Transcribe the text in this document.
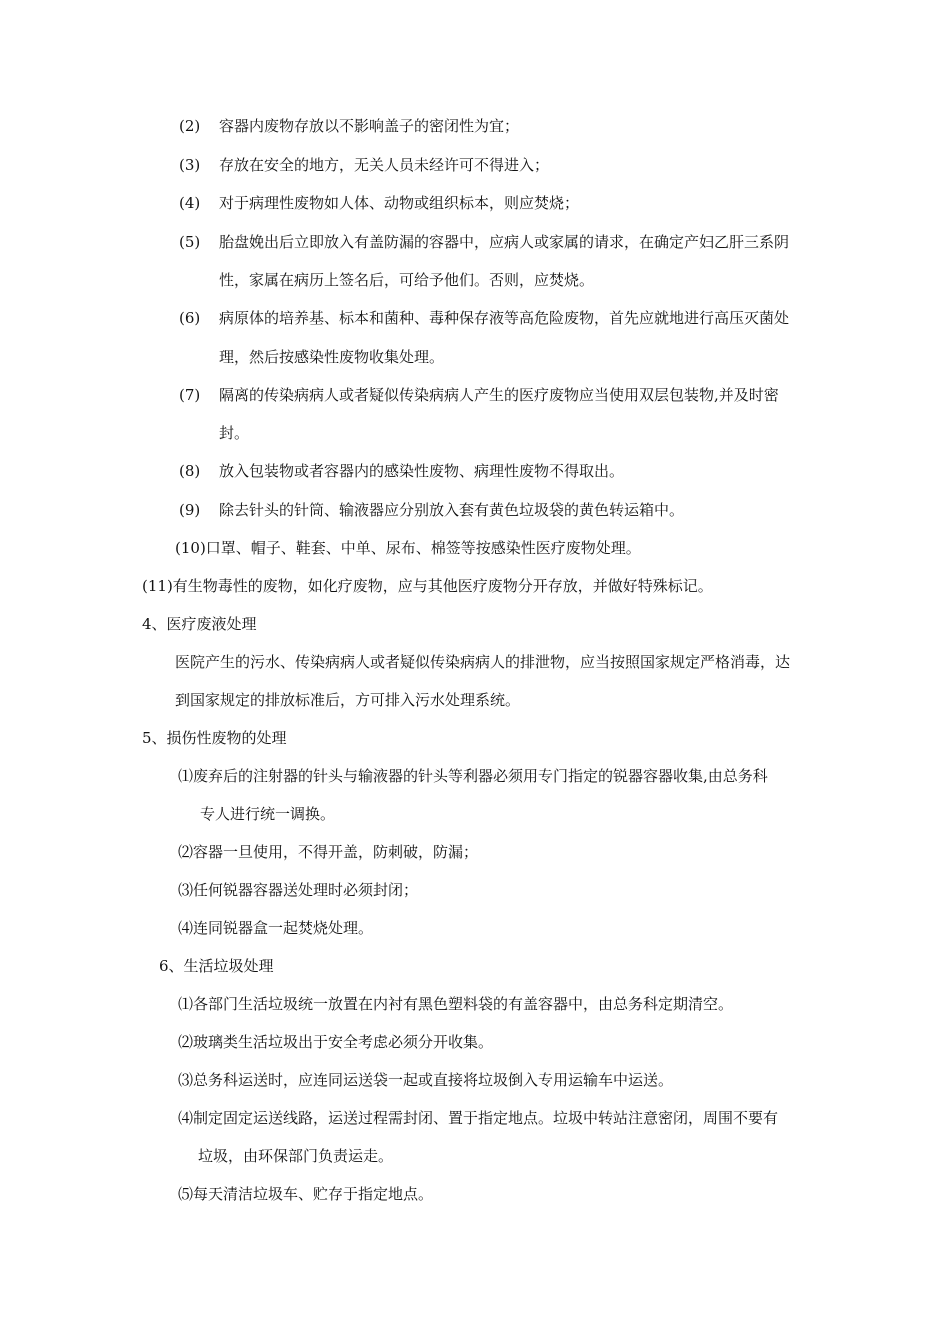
(2) 容器内废物存放以不影响盖子的密闭性为宜；
(3) 存放在安全的地方，无关人员未经许可不得进入；
(4) 对于病理性废物如人体、动物或组织标本，则应焚烧；
(5) 胎盘娩出后立即放入有盖防漏的容器中，应病人或家属的请求，在确定产妇乙肝三系阴
性，家属在病历上签名后，可给予他们。否则，应焚烧。
(6) 病原体的培养基、标本和菌种、毒种保存液等高危险废物，首先应就地进行高压灭菌处
理，然后按感染性废物收集处理。
(7) 隔离的传染病病人或者疑似传染病病人产生的医疗废物应当使用双层包装物,并及时密
封。
(8) 放入包装物或者容器内的感染性废物、病理性废物不得取出。
(9) 除去针头的针筒、输液器应分别放入套有黄色垃圾袋的黄色转运箱中。
(10)口罩、帽子、鞋套、中单、尿布、棉签等按感染性医疗废物处理。
(11)有生物毒性的废物，如化疗废物，应与其他医疗废物分开存放，并做好特殊标记。
4、医疗废液处理
医院产生的污水、传染病病人或者疑似传染病病人的排泄物，应当按照国家规定严格消毒，达
到国家规定的排放标准后，方可排入污水处理系统。
5、损伤性废物的处理
⑴废弃后的注射器的针头与输液器的针头等利器必须用专门指定的锐器容器收集,由总务科
专人进行统一调换。
⑵容器一旦使用，不得开盖，防刺破，防漏；
⑶任何锐器容器送处理时必须封闭；
⑷连同锐器盒一起焚烧处理。
6、生活垃圾处理
⑴各部门生活垃圾统一放置在内衬有黑色塑料袋的有盖容器中，由总务科定期清空。
⑵玻璃类生活垃圾出于安全考虑必须分开收集。
⑶总务科运送时，应连同运送袋一起或直接将垃圾倒入专用运输车中运送。
⑷制定固定运送线路，运送过程需封闭、置于指定地点。垃圾中转站注意密闭，周围不要有
垃圾，由环保部门负责运走。
⑸每天清洁垃圾车、贮存于指定地点。
